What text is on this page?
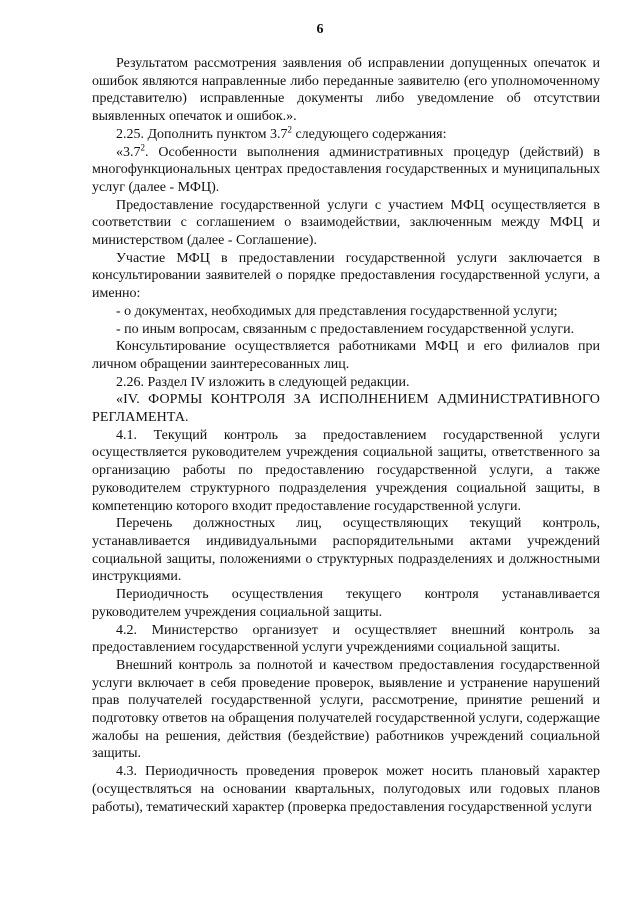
6

Результатом рассмотрения заявления об исправлении допущенных опечаток и ошибок являются направленные либо переданные заявителю (его уполномоченному представителю) исправленные документы либо уведомление об отсутствии выявленных опечаток и ошибок.».

2.25. Дополнить пунктом $3.7^2$ следующего содержания:

«$3.7^2$. Особенности выполнения административных процедур (действий) в многофункциональных центрах предоставления государственных и муниципальных услуг (далее - МФЦ).

Предоставление государственной услуги с участием МФЦ осуществляется в соответствии с соглашением о взаимодействии, заключенным между МФЦ и министерством (далее - Соглашение).

Участие МФЦ в предоставлении государственной услуги заключается в консультировании заявителей о порядке предоставления государственной услуги, а именно:

- о документах, необходимых для представления государственной услуги;

- по иным вопросам, связанным с предоставлением государственной услуги.

Консультирование осуществляется работниками МФЦ и его филиалов при личном обращении заинтересованных лиц.

2.26. Раздел IV изложить в следующей редакции.

«IV. ФОРМЫ КОНТРОЛЯ ЗА ИСПОЛНЕНИЕМ АДМИНИСТРАТИВНОГО РЕГЛАМЕНТА.

4.1. Текущий контроль за предоставлением государственной услуги осуществляется руководителем учреждения социальной защиты, ответственного за организацию работы по предоставлению государственной услуги, а также руководителем структурного подразделения учреждения социальной защиты, в компетенцию которого входит предоставление государственной услуги.

Перечень должностных лиц, осуществляющих текущий контроль, устанавливается индивидуальными распорядительными актами учреждений социальной защиты, положениями о структурных подразделениях и должностными инструкциями.

Периодичность осуществления текущего контроля устанавливается руководителем учреждения социальной защиты.

4.2. Министерство организует и осуществляет внешний контроль за предоставлением государственной услуги учреждениями социальной защиты.

Внешний контроль за полнотой и качеством предоставления государственной услуги включает в себя проведение проверок, выявление и устранение нарушений прав получателей государственной услуги, рассмотрение, принятие решений и подготовку ответов на обращения получателей государственной услуги, содержащие жалобы на решения, действия (бездействие) работников учреждений социальной защиты.

4.3. Периодичность проведения проверок может носить плановый характер (осуществляться на основании квартальных, полугодовых или годовых планов работы), тематический характер (проверка предоставления государственной услуги
